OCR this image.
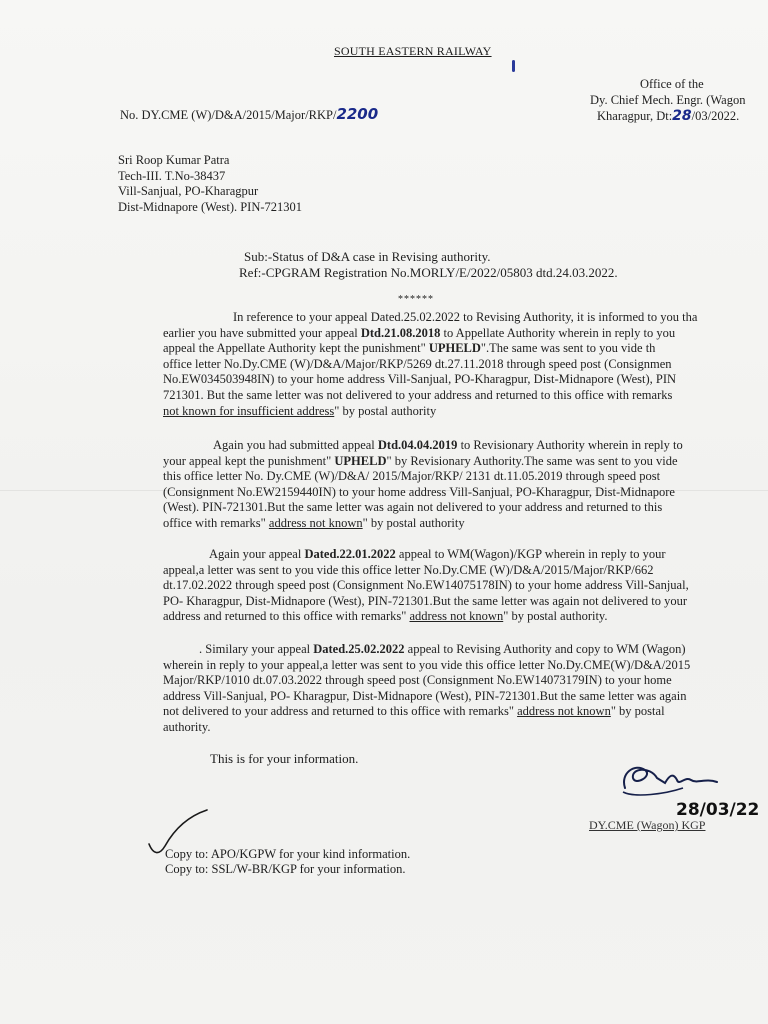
SOUTH EASTERN RAILWAY
Office of the
Dy. Chief Mech. Engr. (Wagon
Kharagpur, Dt:28/03/2022.
No. DY.CME (W)/D&A/2015/Major/RKP/2200
Sri Roop Kumar Patra
Tech-III. T.No-38437
Vill-Sanjual, PO-Kharagpur
Dist-Midnapore (West). PIN-721301
Sub:-Status of D&A case in Revising authority.
Ref:-CPGRAM Registration No.MORLY/E/2022/05803 dtd.24.03.2022.
******

In reference to your appeal Dated.25.02.2022 to Revising Authority, it is informed to you tha

earlier you have submitted your appeal Dtd.21.08.2018 to Appellate Authority wherein in reply to you

appeal the Appellate Authority kept the punishment" UPHELD".The same was sent to you vide th

office letter No.Dy.CME (W)/D&A/Major/RKP/5269 dt.27.11.2018 through speed post (Consignmen

No.EW034503948IN) to your home address Vill-Sanjual, PO-Kharagpur, Dist-Midnapore (West), PIN

721301. But the same letter was not delivered to your address and returned to this office with remarks

not known for insufficient address" by postal authority

Again you had submitted appeal Dtd.04.04.2019 to Revisionary Authority wherein in reply to

your appeal kept the punishment" UPHELD" by Revisionary Authority.The same was sent to you vide

this office letter No. Dy.CME (W)/D&A/ 2015/Major/RKP/ 2131 dt.11.05.2019 through speed post

(Consignment No.EW2159440IN) to your home address Vill-Sanjual, PO-Kharagpur, Dist-Midnapore

(West). PIN-721301.But the same letter was again not delivered to your address and returned to this

office with remarks" address not known" by postal authority

Again your appeal Dated.22.01.2022 appeal to WM(Wagon)/KGP wherein in reply to your

appeal,a letter was sent to you vide this office letter No.Dy.CME (W)/D&A/2015/Major/RKP/662

dt.17.02.2022 through speed post (Consignment No.EW14075178IN) to your home address Vill-Sanjual,

PO- Kharagpur, Dist-Midnapore (West), PIN-721301.But the same letter was again not delivered to your

address and returned to this office with remarks" address not known" by postal authority.

. Similary your appeal Dated.25.02.2022 appeal to Revising Authority and copy to WM (Wagon)

wherein in reply to your appeal,a letter was sent to you vide this office letter No.Dy.CME(W)/D&A/2015

Major/RKP/1010 dt.07.03.2022 through speed post (Consignment No.EW14073179IN) to your home

address Vill-Sanjual, PO- Kharagpur, Dist-Midnapore (West), PIN-721301.But the same letter was again

not delivered to your address and returned to this office with remarks" address not known" by postal

authority.

This is for your information.
28/03/22
DY.CME (Wagon) KGP
Copy to: APO/KGPW for your kind information.
Copy to: SSL/W-BR/KGP for your information.
